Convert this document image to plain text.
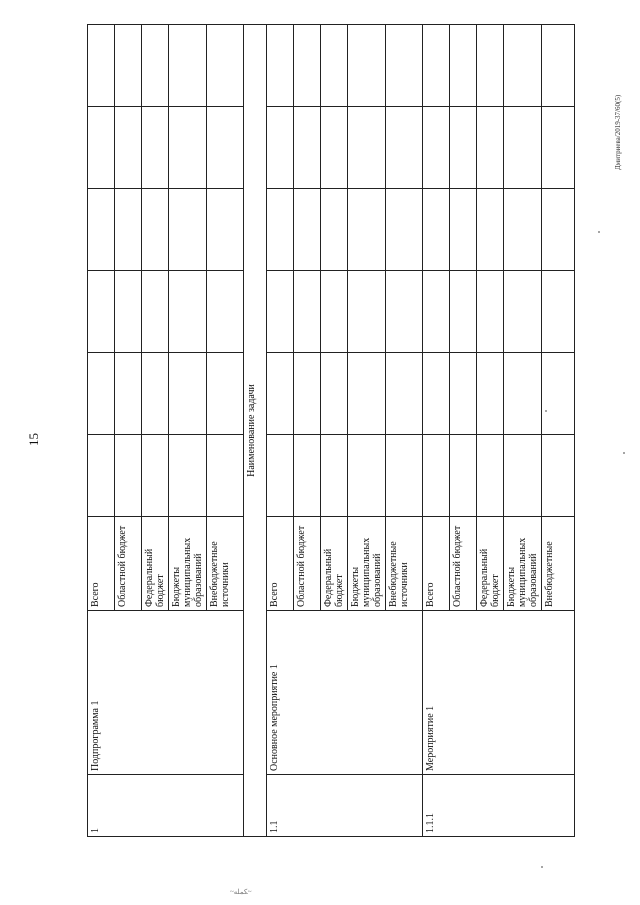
15
Дмитриева/2019-37/60(5)
~ﻜﻤﻠﻪ~
1	Подпрограмма 1	Всего						
		Областной бюджет						
		Федеральный бюджет						
		Бюджеты муниципальных образований						
		Внебюджетные источники						
Наименование задачи								
1.1	Основное мероприятие 1	Всего						
		Областной бюджет						
		Федеральный бюджет						
		Бюджеты муниципальных образований						
		Внебюджетные источники						
1.1.1	Мероприятие 1	Всего						
		Областной бюджет						
		Федеральный бюджет						
		Бюджеты муниципальных образований						
		Внебюджетные						
